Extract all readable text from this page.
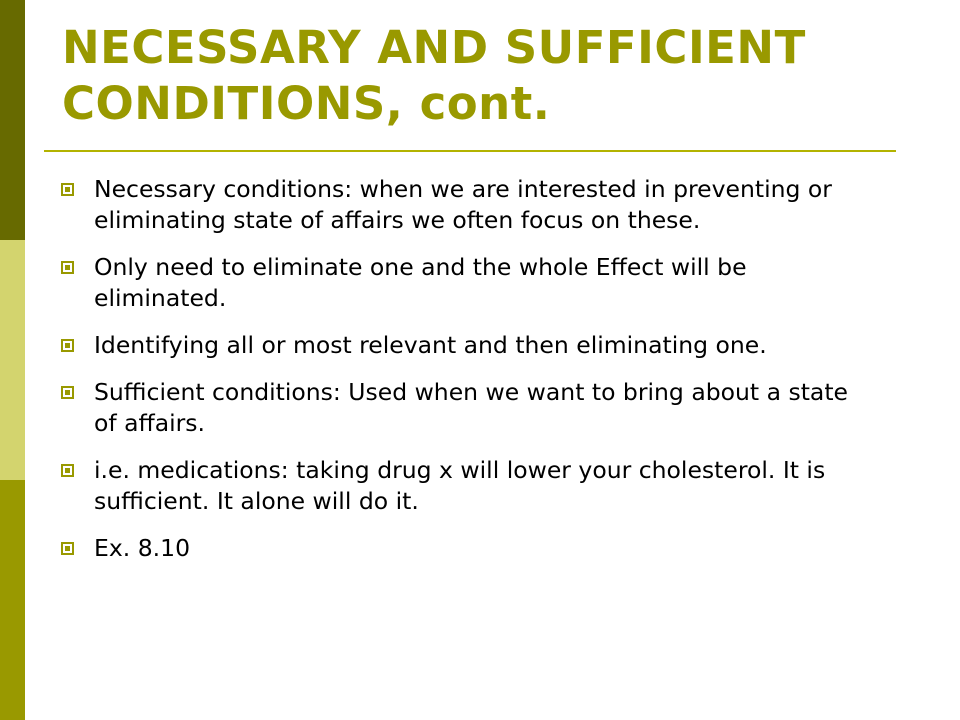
NECESSARY AND SUFFICIENT
CONDITIONS, cont.
Necessary conditions: when we are interested in preventing or eliminating state of affairs we often focus on these.
Only need to eliminate one and the whole Effect will be eliminated.
Identifying all or most relevant and then eliminating one.
Sufficient conditions: Used when we want to bring about a state of affairs.
i.e. medications: taking drug x will lower your cholesterol. It is sufficient. It alone will do it.
Ex. 8.10
